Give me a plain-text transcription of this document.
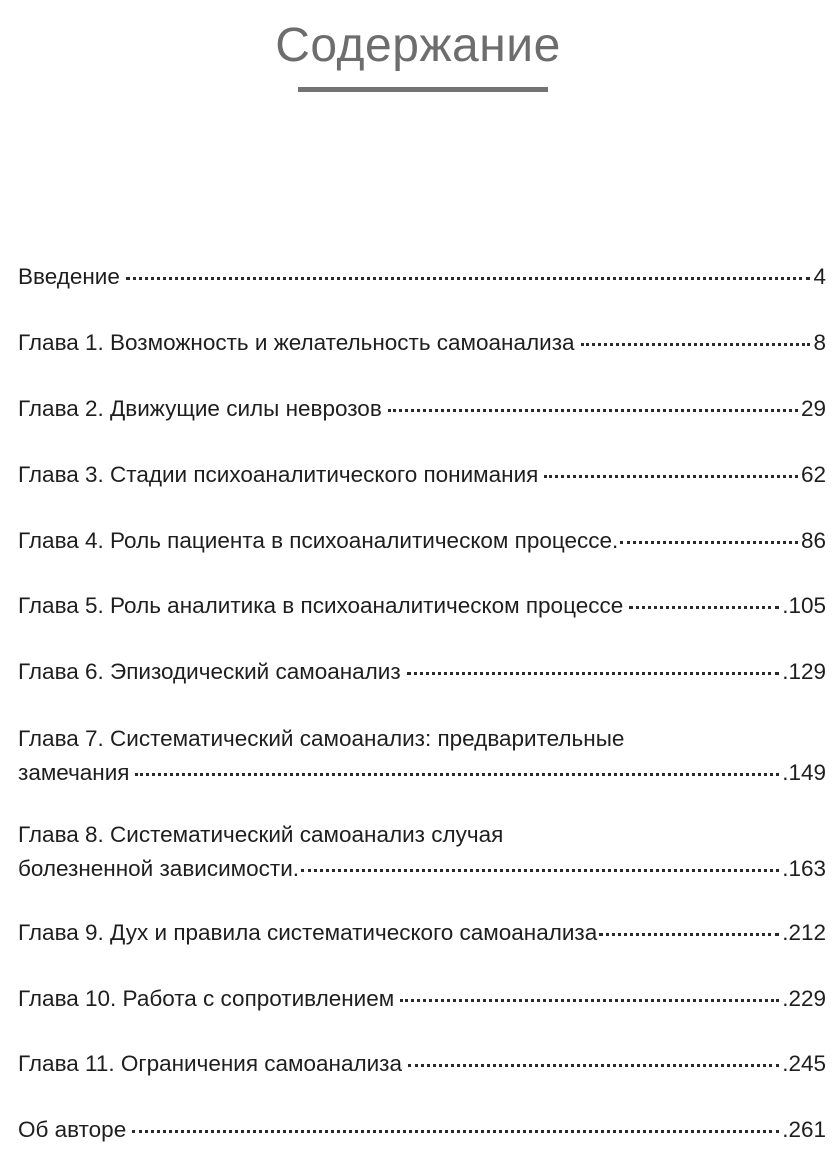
Содержание
Введение	4
Глава 1. Возможность и желательность самоанализа	8
Глава 2. Движущие силы неврозов	29
Глава 3. Стадии психоаналитического понимания	62
Глава 4. Роль пациента в психоаналитическом процессе.	86
Глава 5. Роль аналитика в психоаналитическом процессе	.105
Глава 6. Эпизодический самоанализ	.129
Глава 7. Систематический самоанализ: предварительные
замечания	.149
Глава 8. Систематический самоанализ случая
болезненной зависимости.	.163
Глава 9. Дух и правила систематического самоанализа	.212
Глава 10. Работа с сопротивлением	.229
Глава 11. Ограничения самоанализа	.245
Об авторе	.261
